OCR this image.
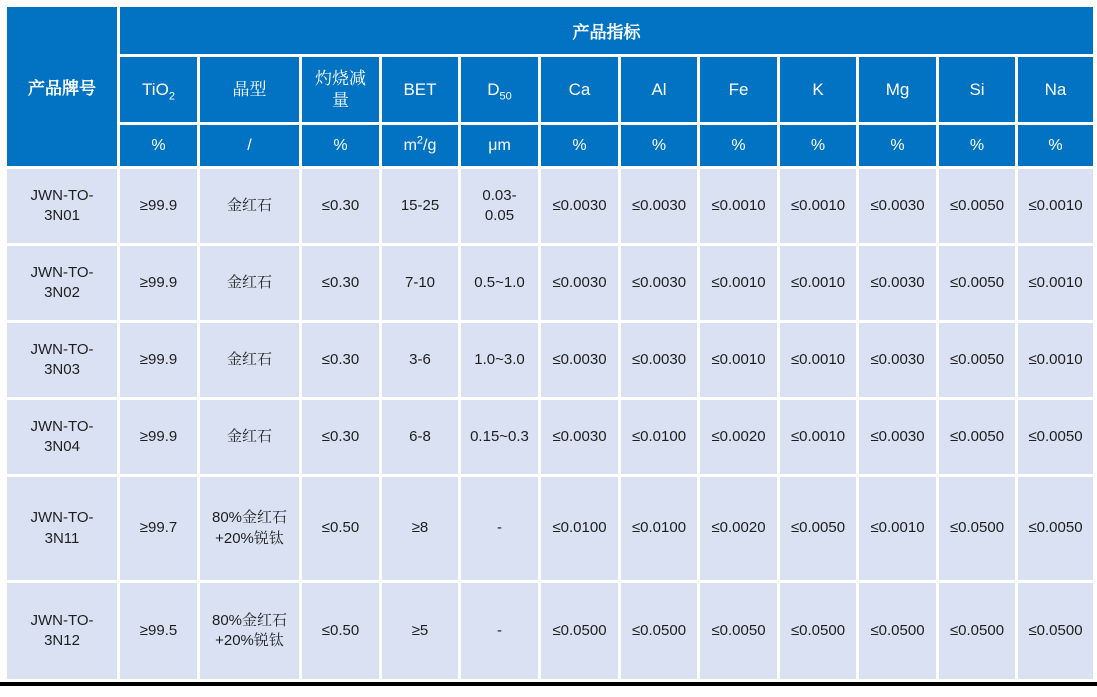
产品牌号	产品指标											
	TiO$_2$	晶型	灼烧减量	BET	$D_{50}$	Ca	Al	Fe	K	Mg	Si	Na
	%	/	%	$m^2/g$	μm	%	%	%	%	%	%	%
JWN-TO-3N01	≥99.9	金红石	≤0.30	15-25	0.03-0.05	≤0.0030	≤0.0030	≤0.0010	≤0.0010	≤0.0030	≤0.0050	≤0.0010
JWN-TO-3N02	≥99.9	金红石	≤0.30	7-10	0.5~1.0	≤0.0030	≤0.0030	≤0.0010	≤0.0010	≤0.0030	≤0.0050	≤0.0010
JWN-TO-3N03	≥99.9	金红石	≤0.30	3-6	1.0~3.0	≤0.0030	≤0.0030	≤0.0010	≤0.0010	≤0.0030	≤0.0050	≤0.0010
JWN-TO-3N04	≥99.9	金红石	≤0.30	6-8	0.15~0.3	≤0.0030	≤0.0100	≤0.0020	≤0.0010	≤0.0030	≤0.0050	≤0.0050
JWN-TO-3N11	≥99.7	80%金红石+20%锐钛	≤0.50	≥8	-	≤0.0100	≤0.0100	≤0.0020	≤0.0050	≤0.0010	≤0.0500	≤0.0050
JWN-TO-3N12	≥99.5	80%金红石+20%锐钛	≤0.50	≥5	-	≤0.0500	≤0.0500	≤0.0050	≤0.0500	≤0.0500	≤0.0500	≤0.0500
